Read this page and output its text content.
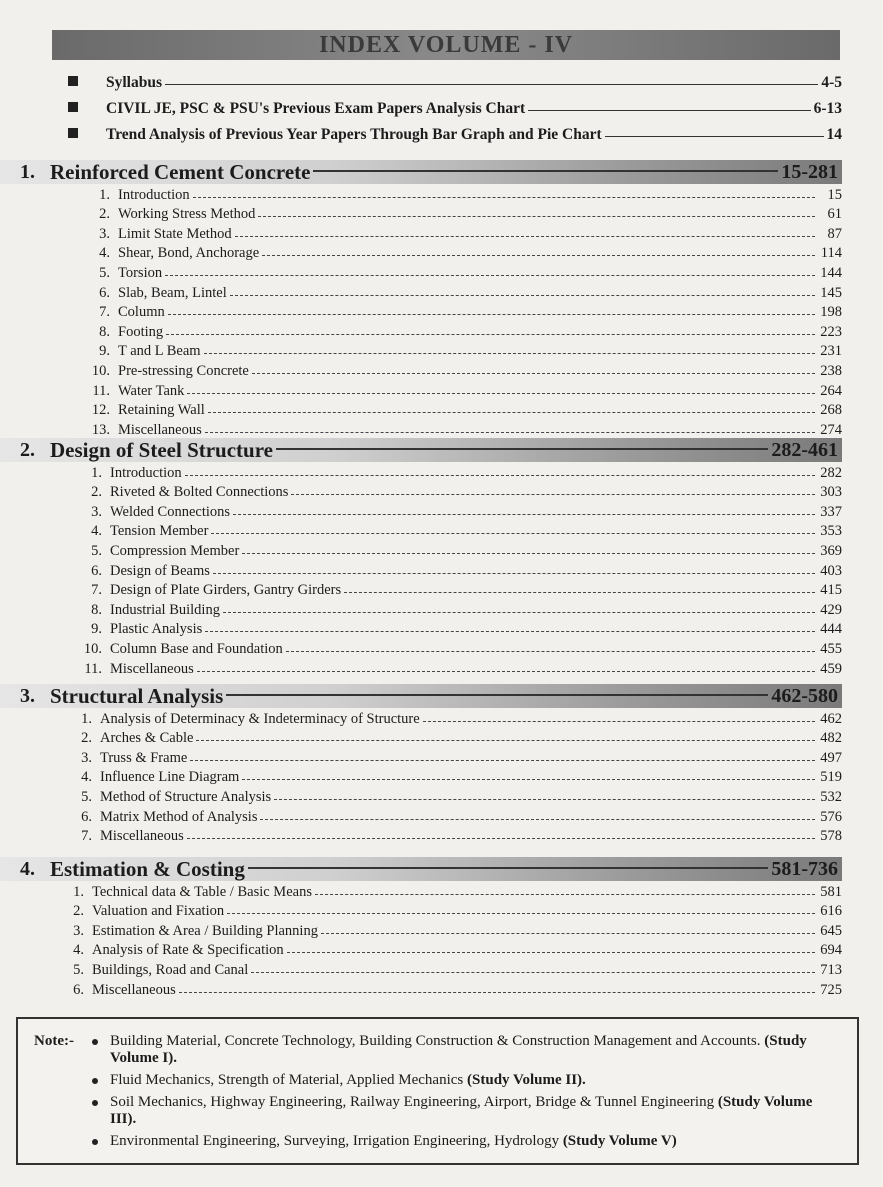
INDEX VOLUME - IV
Syllabus	4-5
CIVIL JE, PSC & PSU's Previous Exam Papers Analysis Chart	6-13
Trend Analysis of Previous Year Papers Through Bar Graph and Pie Chart	14
1. Reinforced Cement Concrete	15-281
1. Introduction	15
2. Working Stress Method	61
3. Limit State Method	87
4. Shear, Bond, Anchorage	114
5. Torsion	144
6. Slab, Beam, Lintel	145
7. Column	198
8. Footing	223
9. T and L Beam	231
10. Pre-stressing Concrete	238
11. Water Tank	264
12. Retaining Wall	268
13. Miscellaneous	274
2. Design of Steel Structure	282-461
1. Introduction	282
2. Riveted & Bolted Connections	303
3. Welded Connections	337
4. Tension Member	353
5. Compression Member	369
6. Design of Beams	403
7. Design of Plate Girders, Gantry Girders	415
8. Industrial Building	429
9. Plastic Analysis	444
10. Column Base and Foundation	455
11. Miscellaneous	459
3. Structural Analysis	462-580
1. Analysis of Determinacy & Indeterminacy of Structure	462
2. Arches & Cable	482
3. Truss & Frame	497
4. Influence Line Diagram	519
5. Method of Structure Analysis	532
6. Matrix Method of Analysis	576
7. Miscellaneous	578
4. Estimation & Costing	581-736
1. Technical data & Table / Basic Means	581
2. Valuation and Fixation	616
3. Estimation & Area / Building Planning	645
4. Analysis of Rate & Specification	694
5. Buildings, Road and Canal	713
6. Miscellaneous	725
Note:-	Building Material, Concrete Technology, Building Construction & Construction Management and Accounts. (Study Volume I).
Fluid Mechanics, Strength of Material, Applied Mechanics (Study Volume II).
Soil Mechanics, Highway Engineering, Railway Engineering, Airport, Bridge & Tunnel Engineering (Study Volume III).
Environmental Engineering, Surveying, Irrigation Engineering, Hydrology (Study Volume V)
